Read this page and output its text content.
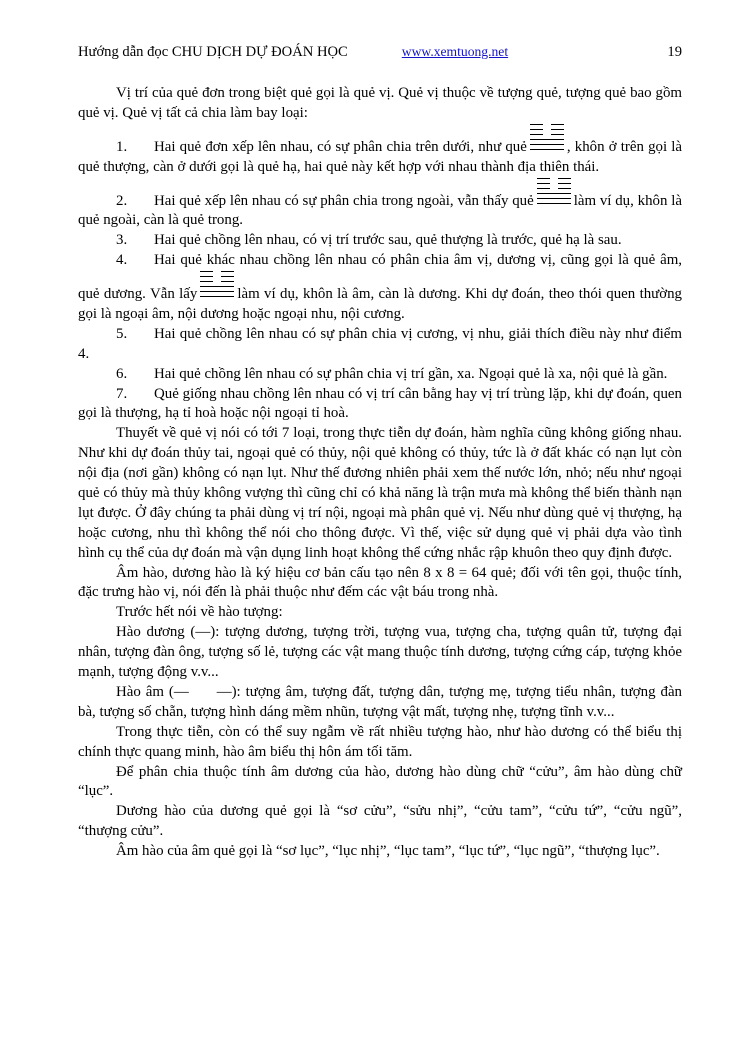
Hướng dẫn đọc CHU DỊCH DỰ ĐOÁN HỌC	www.xemtuong.net	19

Vị trí của quẻ đơn trong biệt quẻ gọi là quẻ vị. Quẻ vị thuộc về tượng quẻ, tượng quẻ bao gồm quẻ vị. Quẻ vị tất cả chia làm bay loại:

1. Hai quẻ đơn xếp lên nhau, có sự phân chia trên dưới, như quẻ	, khôn ở trên gọi là quẻ thượng, càn ở dưới gọi là quẻ hạ, hai quẻ này kết hợp với nhau thành địa thiên thái.

2. Hai quẻ xếp lên nhau có sự phân chia trong ngoài, vẫn thấy quẻ	làm ví dụ, khôn là quẻ ngoài, càn là quẻ trong.

3. Hai quẻ chồng lên nhau, có vị trí trước sau, quẻ thượng là trước, quẻ hạ là sau.

4. Hai quẻ khác nhau chồng lên nhau có phân chia âm vị, dương vị, cũng gọi là quẻ âm, quẻ dương. Vẫn lấy	làm ví dụ, khôn là âm, càn là dương. Khi dự đoán, theo thói quen thường gọi là ngoại âm, nội dương hoặc ngoại nhu, nội cương.

5. Hai quẻ chồng lên nhau có sự phân chia vị cương, vị nhu, giải thích điều này như điểm 4.

6. Hai quẻ chồng lên nhau có sự phân chia vị trí gần, xa. Ngoại quẻ là xa, nội quẻ là gần.

7. Quẻ giống nhau chồng lên nhau có vị trí cân bằng hay vị trí trùng lặp, khi dự đoán, quen gọi là thượng, hạ tỉ hoà hoặc nội ngoại tỉ hoà.

Thuyết về quẻ vị nói có tới 7 loại, trong thực tiễn dự đoán, hàm nghĩa cũng không giống nhau. Như khi dự đoán thủy tai, ngoại quẻ có thủy, nội quẻ không có thủy, tức là ở đất khác có nạn lụt còn nội địa (nơi gần) không có nạn lụt. Như thế đương nhiên phải xem thế nước lớn, nhỏ; nếu như ngoại quẻ có thủy mà thủy không vượng thì cũng chỉ có khả năng là trận mưa mà không thể biến thành nạn lụt được. Ở đây chúng ta phải dùng vị trí nội, ngoại mà phân quẻ vị. Nếu như dùng quẻ vị thượng, hạ hoặc cương, nhu thì không thể nói cho thông được. Vì thế, việc sử dụng quẻ vị phải dựa vào tình hình cụ thể của dự đoán mà vận dụng linh hoạt không thể cứng nhắc rập khuôn theo quy định được.

Âm hào, dương hào là ký hiệu cơ bản cấu tạo nên 8 x 8 = 64 quẻ; đối với tên gọi, thuộc tính, đặc trưng hào vị, nói đến là phải thuộc như đếm các vật báu trong nhà.

Trước hết nói về hào tượng:

Hào dương (—): tượng dương, tượng trời, tượng vua, tượng cha, tượng quân tử, tượng đại nhân, tượng đàn ông, tượng số lẻ, tượng các vật mang thuộc tính dương, tượng cứng cáp, tượng khỏe mạnh, tượng động v.v...

Hào âm (— —): tượng âm, tượng đất, tượng dân, tượng mẹ, tượng tiểu nhân, tượng đàn bà, tượng số chẵn, tượng hình dáng mềm nhũn, tượng vật mất, tượng nhẹ, tượng tĩnh v.v...

Trong thực tiễn, còn có thể suy ngẫm về rất nhiều tượng hào, như hào dương có thể biểu thị chính thực quang minh, hào âm biểu thị hôn ám tối tăm.

Để phân chia thuộc tính âm dương của hào, dương hào dùng chữ “cửu”, âm hào dùng chữ “lục”.

Dương hào của dương quẻ gọi là “sơ cửu”, “sửu nhị”, “cửu tam”, “cửu tứ”, “cửu ngũ”, “thượng cửu”.

Âm hào của âm quẻ gọi là “sơ lục”, “lục nhị”, “lục tam”, “lục tứ”, “lục ngũ”, “thượng lục”.
